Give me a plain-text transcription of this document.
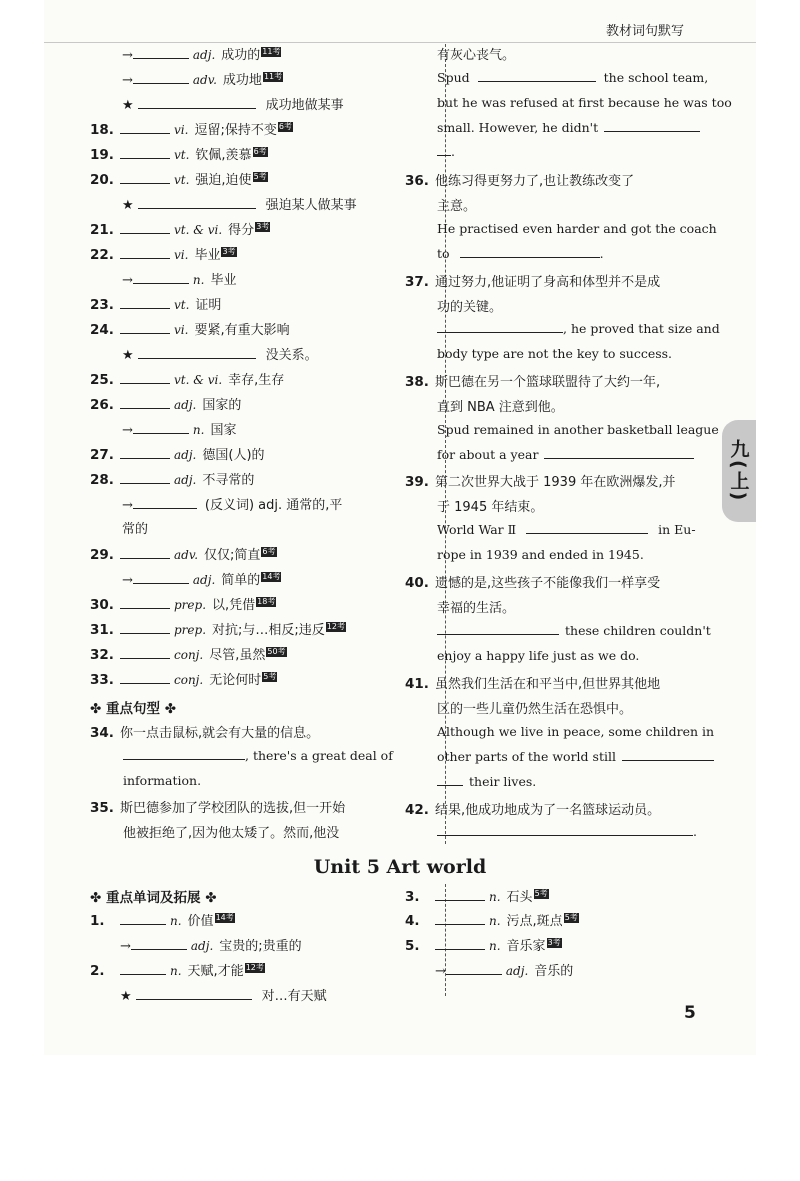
教材词句默写
九(上)
→	adj. 成功的 11考
→	adv. 成功地 11考
★	成功地做某事
18.	vi. 逗留;保持不变 6考
19.	vt. 钦佩,羡慕 6考
20.	vt. 强迫,迫使 5考
★	强迫某人做某事
21.	vt. & vi. 得分 3考
22.	vi. 毕业 3考
→	n. 毕业
23.	vt. 证明
24.	vi. 要紧,有重大影响
★	没关系。
25.	vt. & vi. 幸存,生存
26.	adj. 国家的
→	n. 国家
27.	adj. 德国(人)的
28.	adj. 不寻常的
→	(反义词) adj. 通常的,平
常的
29.	adv. 仅仅;简直 6考
→	adj. 简单的 14考
30.	prep. 以,凭借 18考
31.	prep. 对抗;与…相反;违反 12考
32.	conj. 尽管,虽然 50考
33.	conj. 无论何时 5考
✤ 重点句型 ✤
34. 你一点击鼠标,就会有大量的信息。
, there's a great deal of
information.
35. 斯巴德参加了学校团队的选拔,但一开始
他被拒绝了,因为他太矮了。然而,他没
有灰心丧气。
Spud	the school team,
but he was refused at first because he was too
small. However, he didn't
.
36. 他练习得更努力了,也让教练改变了
主意。
He practised even harder and got the coach
to	.
37. 通过努力,他证明了身高和体型并不是成
功的关键。
, he proved that size and
body type are not the key to success.
38. 斯巴德在另一个篮球联盟待了大约一年,
直到 NBA 注意到他。
Spud remained in another basketball league
for about a year
39. 第二次世界大战于 1939 年在欧洲爆发,并
于 1945 年结束。
World War Ⅱ	in Eu-
rope in 1939 and ended in 1945.
40. 遗憾的是,这些孩子不能像我们一样享受
幸福的生活。
these children couldn't
enjoy a happy life just as we do.
41. 虽然我们生活在和平当中,但世界其他地
区的一些儿童仍然生活在恐惧中。
Although we live in peace, some children in
other parts of the world still
their lives.
42. 结果,他成功地成为了一名篮球运动员。
.
Unit 5 Art world
✤ 重点单词及拓展 ✤
1.	n. 价值 14考
→	adj. 宝贵的;贵重的
2.	n. 天赋,才能 12考
★	对…有天赋
3.	n. 石头 5考
4.	n. 污点,斑点 5考
5.	n. 音乐家 3考
→	adj. 音乐的
5
